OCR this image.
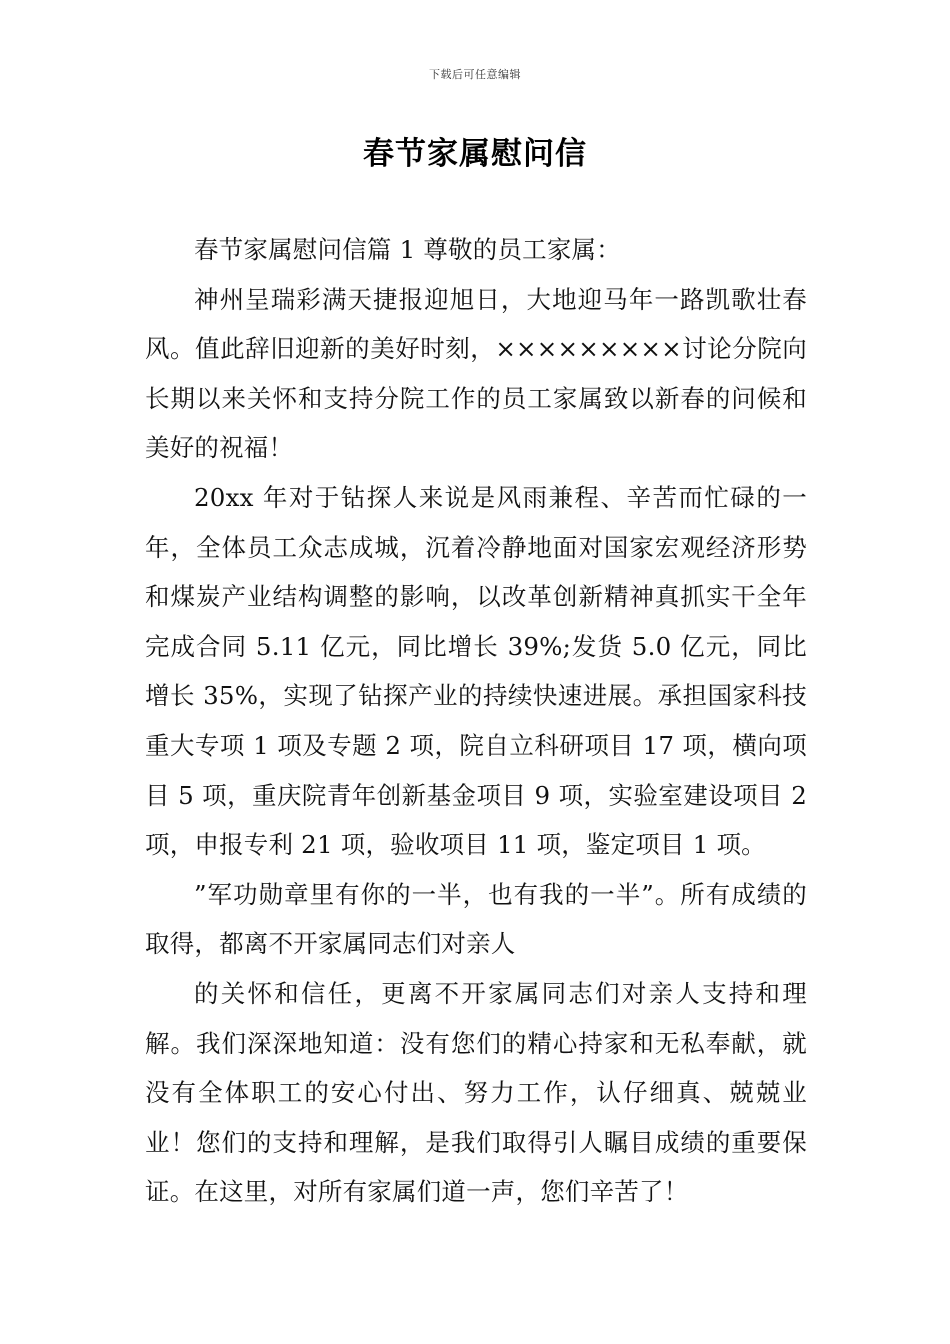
下载后可任意编辑
春节家属慰问信

春节家属慰问信篇 1 尊敬的员工家属：

神州呈瑞彩满天捷报迎旭日，大地迎马年一路凯歌壮春风。值此辞旧迎新的美好时刻，×××××××××讨论分院向长期以来关怀和支持分院工作的员工家属致以新春的问候和美好的祝福！

20xx 年对于钻探人来说是风雨兼程、辛苦而忙碌的一年，全体员工众志成城，沉着冷静地面对国家宏观经济形势和煤炭产业结构调整的影响，以改革创新精神真抓实干全年完成合同 5.11 亿元，同比增长 39%;发货 5.0 亿元，同比增长 35%，实现了钻探产业的持续快速进展。承担国家科技重大专项 1 项及专题 2 项，院自立科研项目 17 项，横向项目 5 项，重庆院青年创新基金项目 9 项，实验室建设项目 2 项，申报专利 21 项，验收项目 11 项，鉴定项目 1 项。

”军功勋章里有你的一半，也有我的一半”。所有成绩的取得，都离不开家属同志们对亲人

的关怀和信任，更离不开家属同志们对亲人支持和理解。我们深深地知道：没有您们的精心持家和无私奉献，就没有全体职工的安心付出、努力工作，认仔细真、兢兢业业！您们的支持和理解，是我们取得引人瞩目成绩的重要保证。在这里，对所有家属们道一声，您们辛苦了！
